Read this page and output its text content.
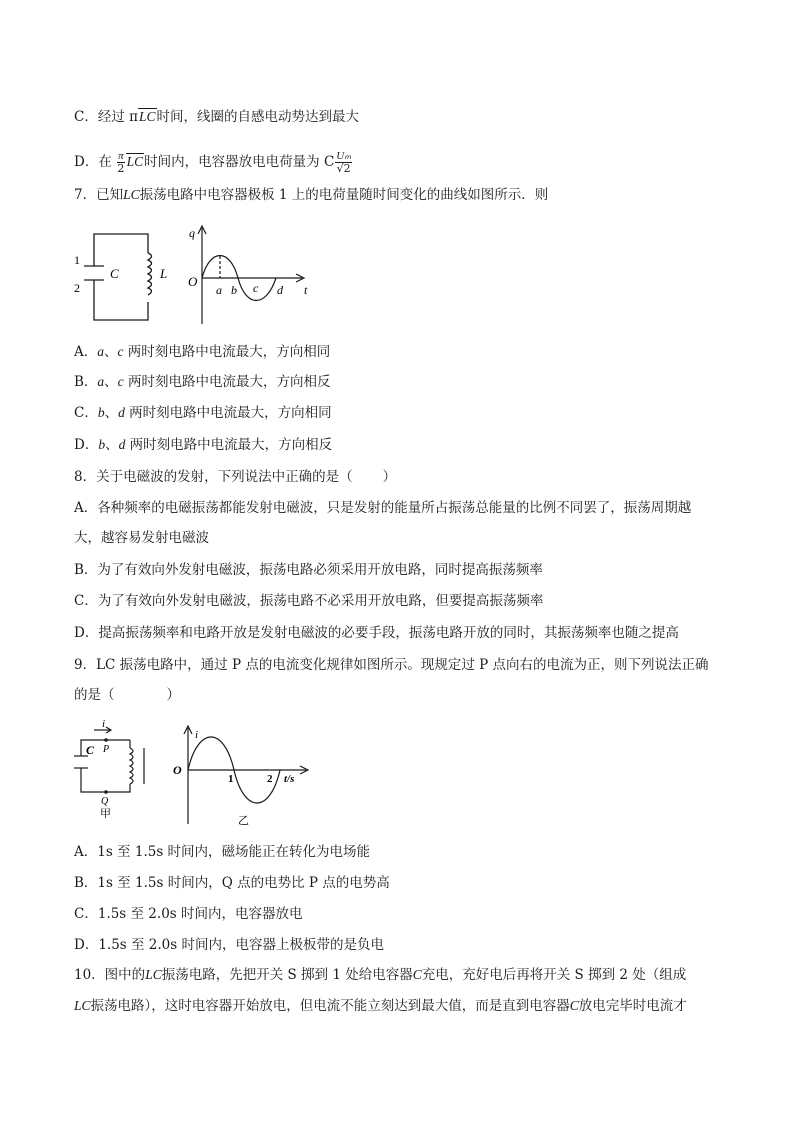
C．经过 πLC时间，线圈的自感电动势达到最大
D．在 $\frac{\pi}{2}$ LC时间内，电容器放电电荷量为 C $\frac{\text{Uₘ}}{√2}$
7．已知LC振荡电路中电容器极板 1 上的电荷量随时间变化的曲线如图所示．则
1
2
C	L
q
O
a b c d t
A．a、c 两时刻电路中电流最大，方向相同
B．a、c 两时刻电路中电流最大，方向相反
C．b、d 两时刻电路中电流最大，方向相同
D．b、d 两时刻电路中电流最大，方向相反
8．关于电磁波的发射，下列说法中正确的是（ ）
A．各种频率的电磁振荡都能发射电磁波，只是发射的能量所占振荡总能量的比例不同罢了，振荡周期越
大，越容易发射电磁波
B．为了有效向外发射电磁波，振荡电路必须采用开放电路，同时提高振荡频率
C．为了有效向外发射电磁波，振荡电路不必采用开放电路，但要提高振荡频率
D．提高振荡频率和电路开放是发射电磁波的必要手段，振荡电路开放的同时，其振荡频率也随之提高
9．LC 振荡电路中，通过 P 点的电流变化规律如图所示。现规定过 P 点向右的电流为正，则下列说法正确
的是（	）
i
P
C
Q
甲
i
O
1	2 t/s
乙
A．1s 至 1.5s 时间内，磁场能正在转化为电场能
B．1s 至 1.5s 时间内，Q 点的电势比 P 点的电势高
C．1.5s 至 2.0s 时间内，电容器放电
D．1.5s 至 2.0s 时间内，电容器上极板带的是负电
10．图中的LC振荡电路，先把开关 S 掷到 1 处给电容器C充电，充好电后再将开关 S 掷到 2 处（组成
LC振荡电路），这时电容器开始放电，但电流不能立刻达到最大值，而是直到电容器C放电完毕时电流才
